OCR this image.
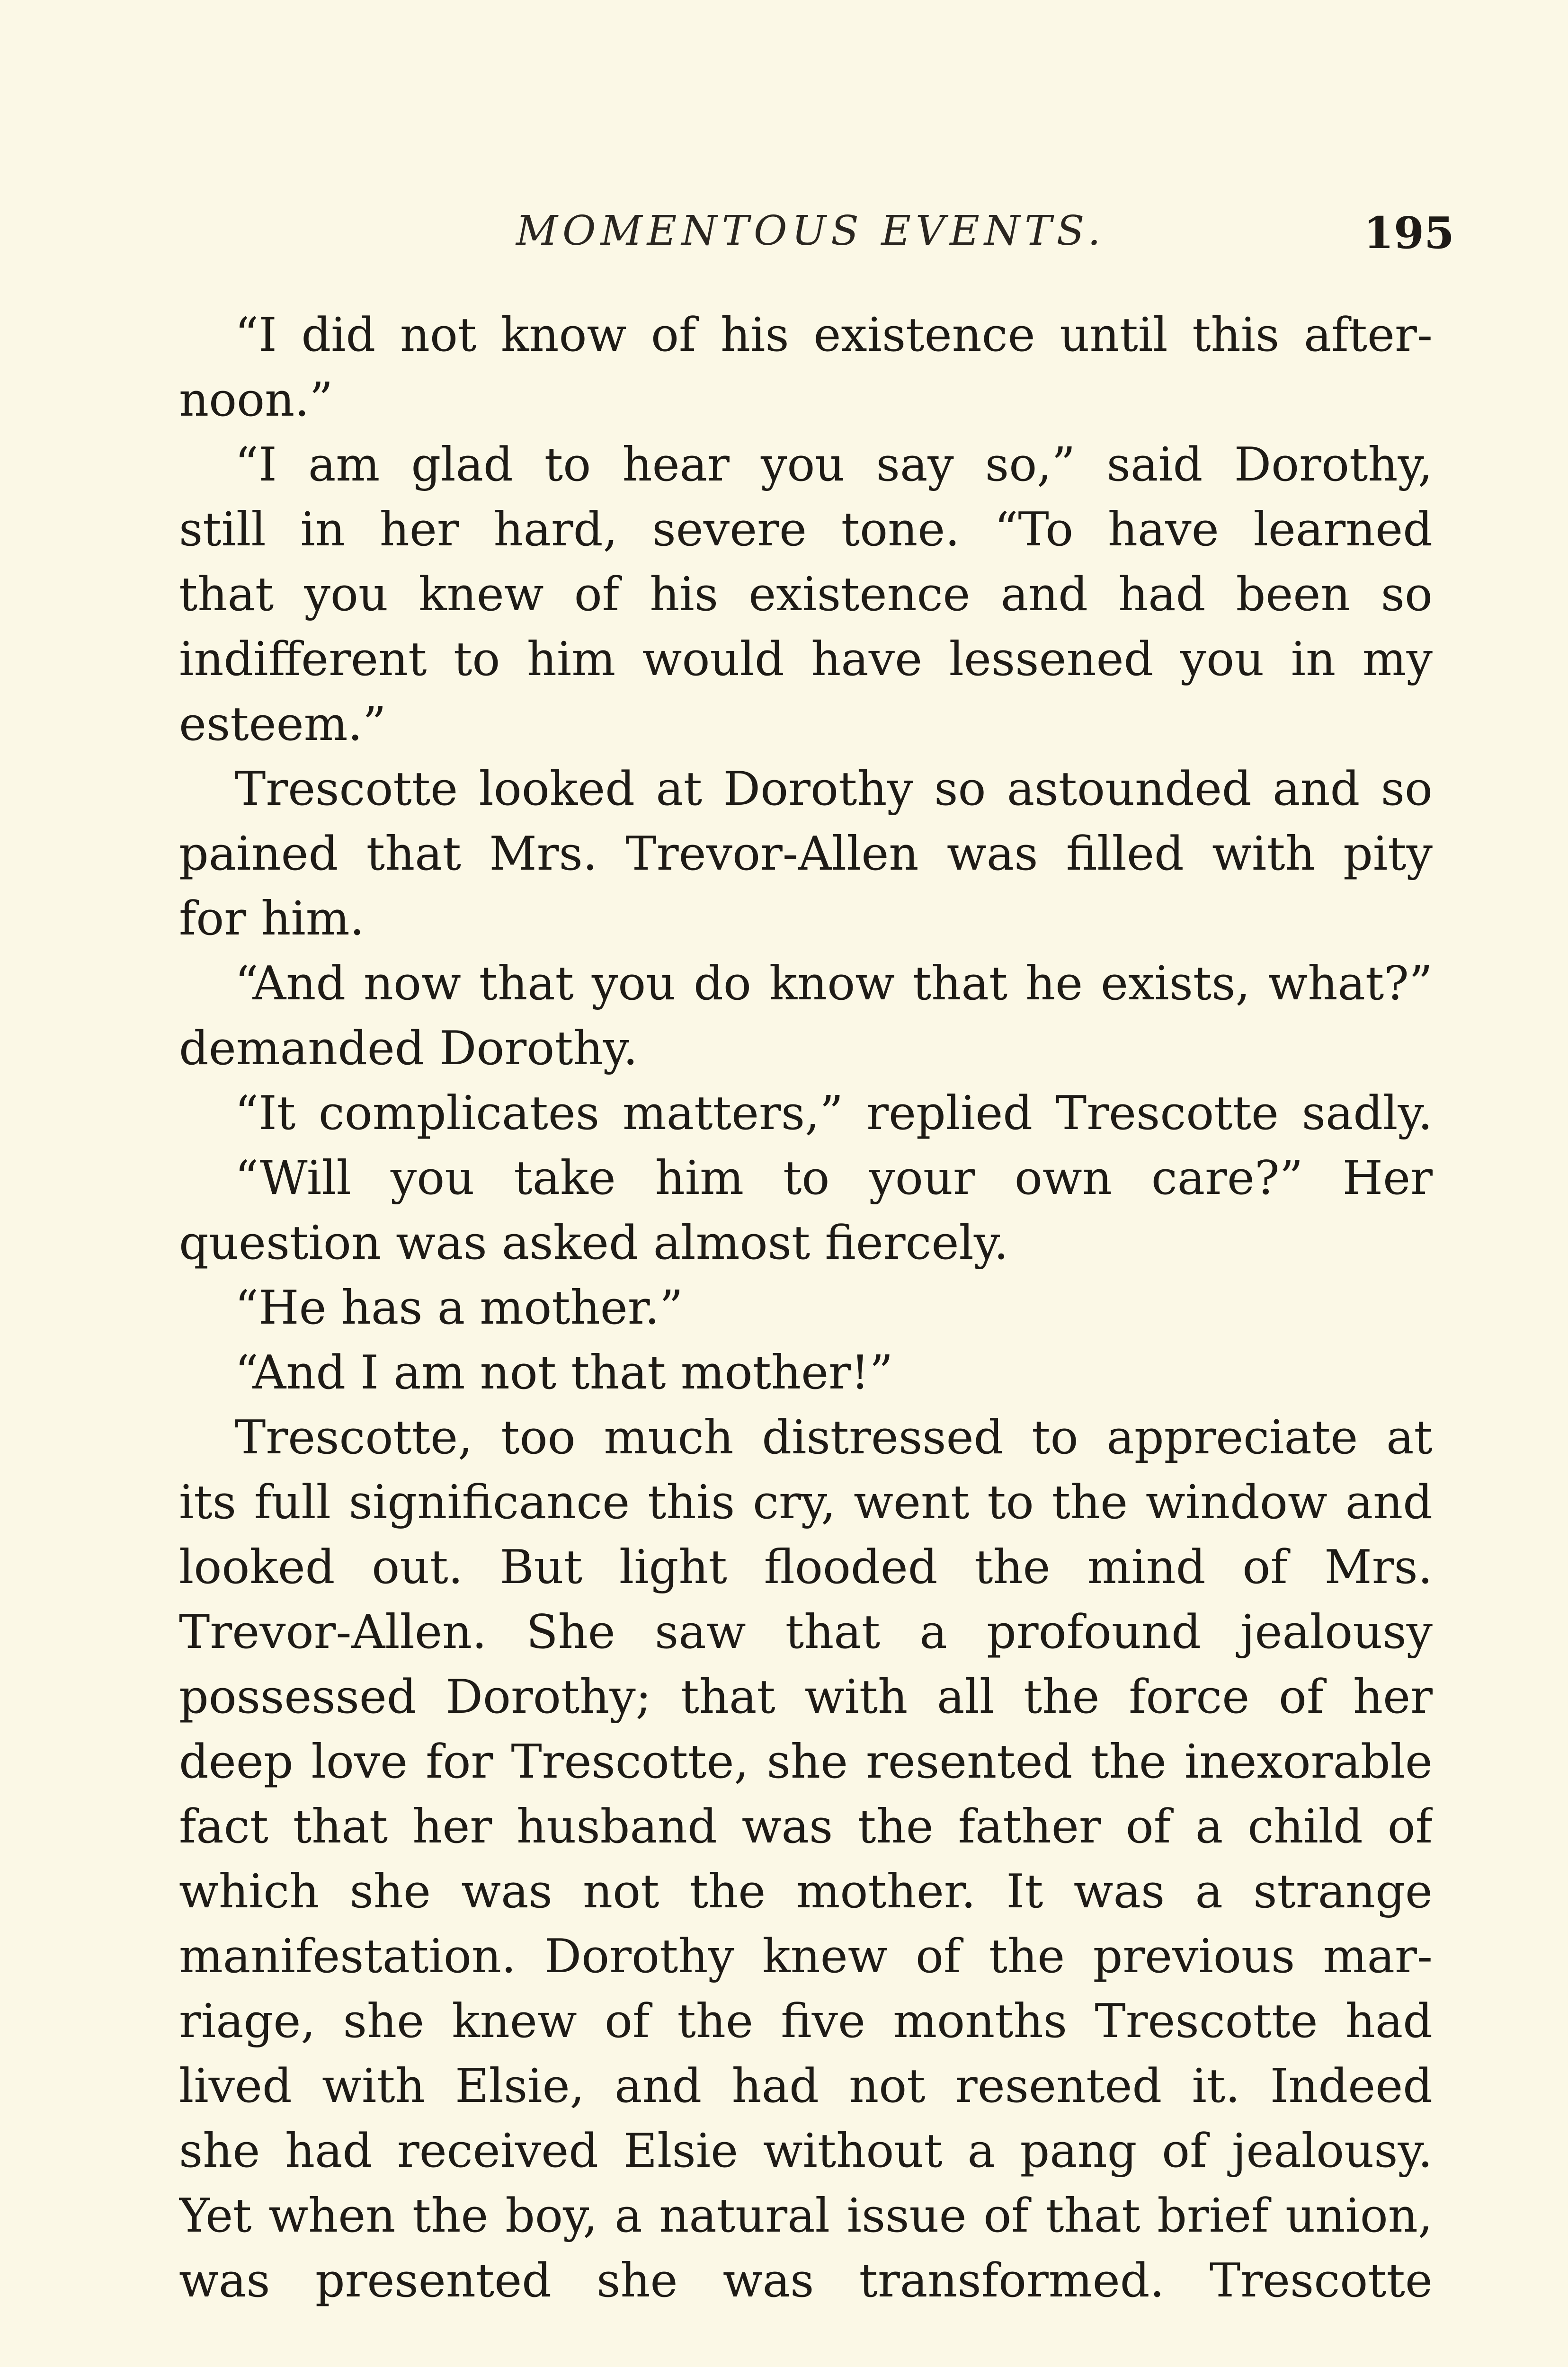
MOMENTOUS EVENTS.	195
“I did not know of his existence until this after-
noon.”
“I am glad to hear you say so,” said Dorothy,
still in her hard, severe tone. “To have learned
that you knew of his existence and had been so
indifferent to him would have lessened you in my
esteem.”
Trescotte looked at Dorothy so astounded and so
pained that Mrs. Trevor-Allen was filled with pity
for him.
“And now that you do know that he exists, what?”
demanded Dorothy.
“It complicates matters,” replied Trescotte sadly.
“Will you take him to your own care?” Her
question was asked almost fiercely.
“He has a mother.”
“And I am not that mother!”
Trescotte, too much distressed to appreciate at
its full significance this cry, went to the window and
looked out. But light flooded the mind of Mrs.
Trevor-Allen. She saw that a profound jealousy
possessed Dorothy; that with all the force of her
deep love for Trescotte, she resented the inexorable
fact that her husband was the father of a child of
which she was not the mother. It was a strange
manifestation. Dorothy knew of the previous mar-
riage, she knew of the five months Trescotte had
lived with Elsie, and had not resented it. Indeed
she had received Elsie without a pang of jealousy.
Yet when the boy, a natural issue of that brief union,
was presented she was transformed. Trescotte
